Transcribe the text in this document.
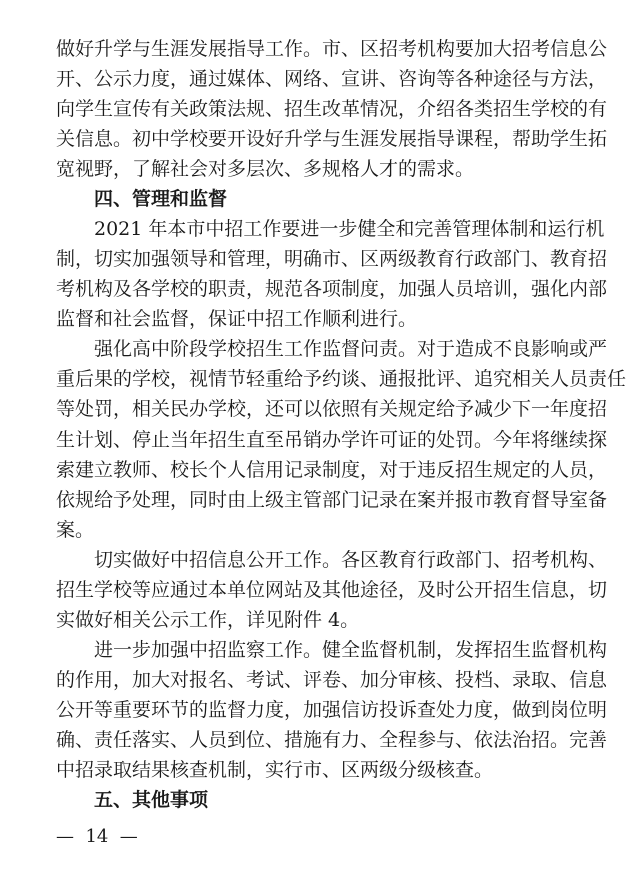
做好升学与生涯发展指导工作。市、区招考机构要加大招考信息公
开、公示力度，通过媒体、网络、宣讲、咨询等各种途径与方法，
向学生宣传有关政策法规、招生改革情况，介绍各类招生学校的有
关信息。初中学校要开设好升学与生涯发展指导课程，帮助学生拓
宽视野，了解社会对多层次、多规格人才的需求。
四、管理和监督
2021 年本市中招工作要进一步健全和完善管理体制和运行机
制，切实加强领导和管理，明确市、区两级教育行政部门、教育招
考机构及各学校的职责，规范各项制度，加强人员培训，强化内部
监督和社会监督，保证中招工作顺利进行。
强化高中阶段学校招生工作监督问责。对于造成不良影响或严
重后果的学校，视情节轻重给予约谈、通报批评、追究相关人员责任
等处罚，相关民办学校，还可以依照有关规定给予减少下一年度招
生计划、停止当年招生直至吊销办学许可证的处罚。今年将继续探
索建立教师、校长个人信用记录制度，对于违反招生规定的人员，
依规给予处理，同时由上级主管部门记录在案并报市教育督导室备
案。
切实做好中招信息公开工作。各区教育行政部门、招考机构、
招生学校等应通过本单位网站及其他途径，及时公开招生信息，切
实做好相关公示工作，详见附件 4。
进一步加强中招监察工作。健全监督机制，发挥招生监督机构
的作用，加大对报名、考试、评卷、加分审核、投档、录取、信息
公开等重要环节的监督力度，加强信访投诉查处力度，做到岗位明
确、责任落实、人员到位、措施有力、全程参与、依法治招。完善
中招录取结果核查机制，实行市、区两级分级核查。
五、其他事项
—  14  —
